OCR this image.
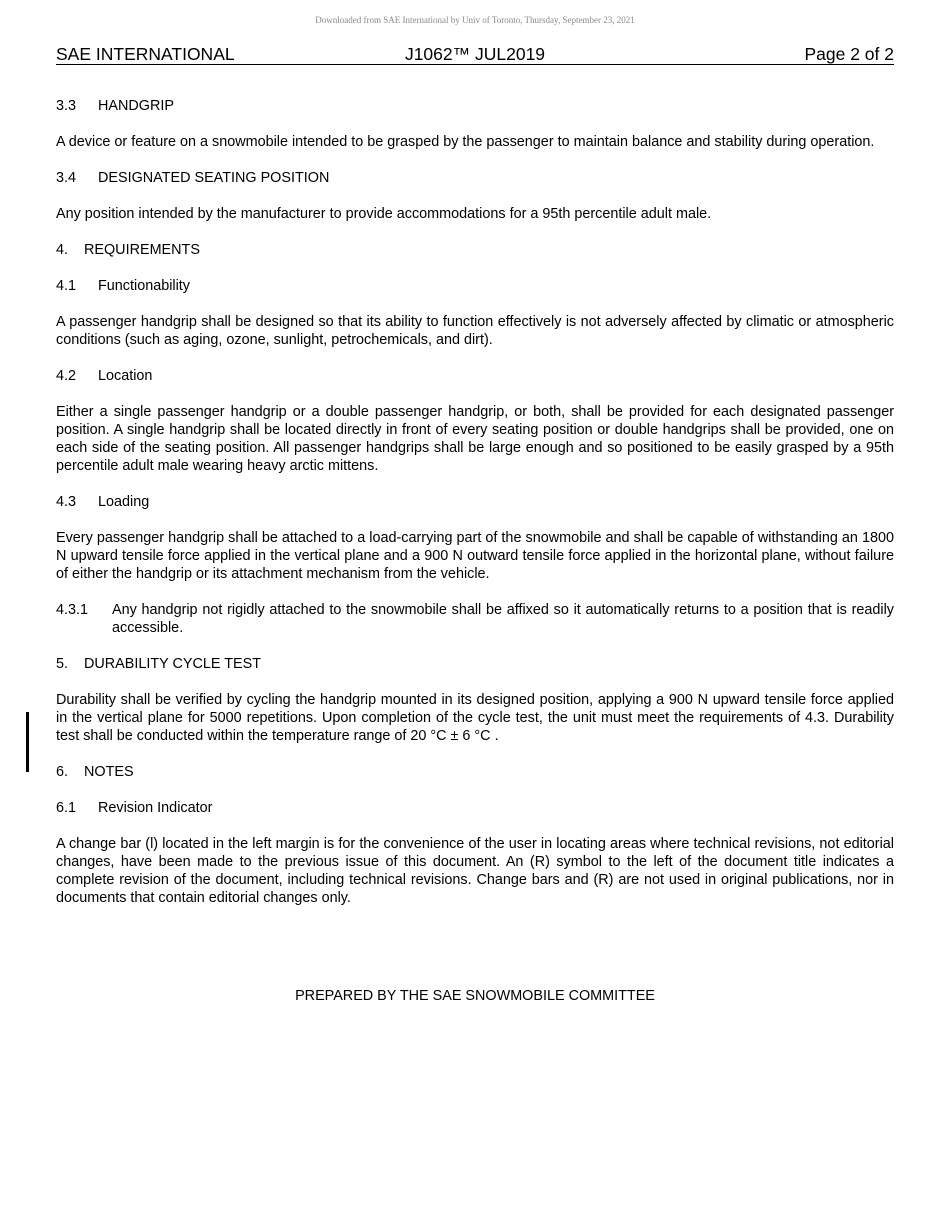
Downloaded from SAE International by Univ of Toronto, Thursday, September 23, 2021
SAE INTERNATIONAL	J1062™ JUL2019	Page 2 of 2
3.3 HANDGRIP

A device or feature on a snowmobile intended to be grasped by the passenger to maintain balance and stability during operation.

3.4 DESIGNATED SEATING POSITION

Any position intended by the manufacturer to provide accommodations for a 95th percentile adult male.

4. REQUIREMENTS
4.1 Functionability

A passenger handgrip shall be designed so that its ability to function effectively is not adversely affected by climatic or atmospheric conditions (such as aging, ozone, sunlight, petrochemicals, and dirt).

4.2 Location

Either a single passenger handgrip or a double passenger handgrip, or both, shall be provided for each designated passenger position. A single handgrip shall be located directly in front of every seating position or double handgrips shall be provided, one on each side of the seating position. All passenger handgrips shall be large enough and so positioned to be easily grasped by a 95th percentile adult male wearing heavy arctic mittens.

4.3 Loading

Every passenger handgrip shall be attached to a load-carrying part of the snowmobile and shall be capable of withstanding an 1800 N upward tensile force applied in the vertical plane and a 900 N outward tensile force applied in the horizontal plane, without failure of either the handgrip or its attachment mechanism from the vehicle.

4.3.1 Any handgrip not rigidly attached to the snowmobile shall be affixed so it automatically returns to a position that is readily accessible.
5. DURABILITY CYCLE TEST

Durability shall be verified by cycling the handgrip mounted in its designed position, applying a 900 N upward tensile force applied in the vertical plane for 5000 repetitions. Upon completion of the cycle test, the unit must meet the requirements of 4.3. Durability test shall be conducted within the temperature range of 20 °C ± 6 °C .

6. NOTES
6.1 Revision Indicator

A change bar (l) located in the left margin is for the convenience of the user in locating areas where technical revisions, not editorial changes, have been made to the previous issue of this document. An (R) symbol to the left of the document title indicates a complete revision of the document, including technical revisions. Change bars and (R) are not used in original publications, nor in documents that contain editorial changes only.

PREPARED BY THE SAE SNOWMOBILE COMMITTEE
